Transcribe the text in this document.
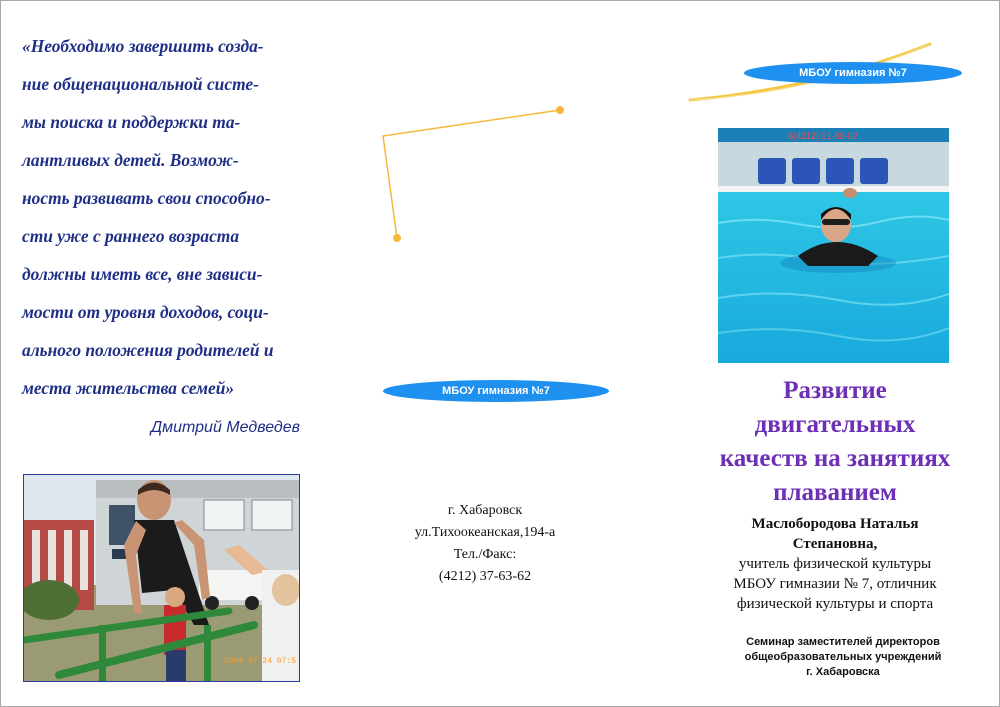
«Необходимо завершить созда-
ние общенациональной систе-
мы поиска и поддержки та-
лантливых детей. Возмож-
ность развивать свои способно-
сти уже с раннего возраста
должны иметь все, вне зависи-
мости от уровня доходов, соци-
ального положения родителей и
места жительства семей»
Дмитрий Медведев
2009 07 24 07:5
8(4212) 21-83-02
МБОУ гимназия №7
МБОУ гимназия №7
г. Хабаровск
ул.Тихоокеанская,194-а
Тел./Факс:
(4212) 37-63-62
Развитие
двигательных
качеств на занятиях
плаванием
Маслобородова Наталья
Степановна,
учитель физической культуры
МБОУ гимназии № 7, отличник
физической культуры и спорта
Семинар заместителей директоров
общеобразовательных учреждений
г. Хабаровска
